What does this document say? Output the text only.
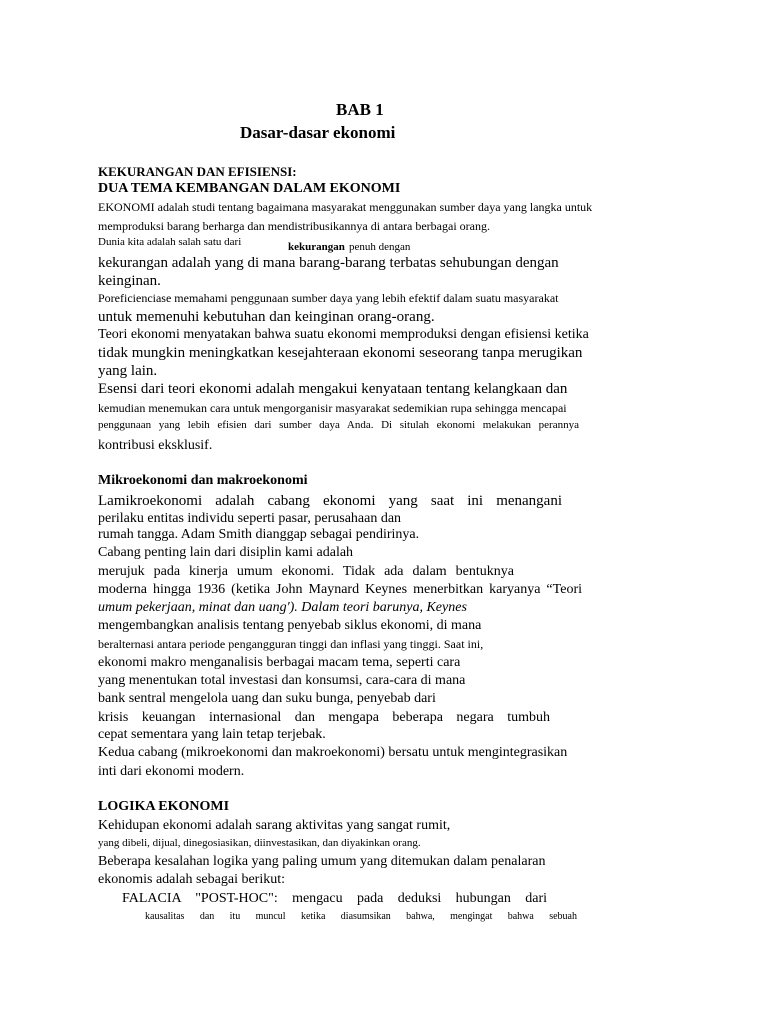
BAB 1
Dasar-dasar ekonomi
KEKURANGAN DAN EFISIENSI:
DUA TEMA KEMBANGAN DALAM EKONOMI
EKONOMI adalah studi tentang bagaimana masyarakat menggunakan sumber daya yang langka untuk
memproduksi barang berharga dan mendistribusikannya di antara berbagai orang.
Dunia kita adalah salah satu dari	kekurangan penuh dengan
kekurangan adalah yang di mana barang-barang terbatas sehubungan dengan
keinginan.
Poreficienciase memahami penggunaan sumber daya yang lebih efektif dalam suatu masyarakat
untuk memenuhi kebutuhan dan keinginan orang-orang.
Teori ekonomi menyatakan bahwa suatu ekonomi memproduksi dengan efisiensi ketika
tidak mungkin meningkatkan kesejahteraan ekonomi seseorang tanpa merugikan
yang lain.
Esensi dari teori ekonomi adalah mengakui kenyataan tentang kelangkaan dan
kemudian menemukan cara untuk mengorganisir masyarakat sedemikian rupa sehingga mencapai
penggunaan yang lebih efisien dari sumber daya Anda. Di situlah ekonomi melakukan perannya
kontribusi eksklusif.
Mikroekonomi dan makroekonomi
Lamikroekonomi adalah cabang ekonomi yang saat ini menangani
perilaku entitas individu seperti pasar, perusahaan dan
rumah tangga. Adam Smith dianggap sebagai pendirinya.
Cabang penting lain dari disiplin kami adalah
merujuk pada kinerja umum ekonomi. Tidak ada dalam bentuknya
moderna hingga 1936 (ketika John Maynard Keynes menerbitkan karyanya “Teori
umum pekerjaan, minat dan uang'). Dalam teori barunya, Keynes
mengembangkan analisis tentang penyebab siklus ekonomi, di mana
beralternasi antara periode pengangguran tinggi dan inflasi yang tinggi. Saat ini,
ekonomi makro menganalisis berbagai macam tema, seperti cara
yang menentukan total investasi dan konsumsi, cara-cara di mana
bank sentral mengelola uang dan suku bunga, penyebab dari
krisis keuangan internasional dan mengapa beberapa negara tumbuh
cepat sementara yang lain tetap terjebak.
Kedua cabang (mikroekonomi dan makroekonomi) bersatu untuk mengintegrasikan
inti dari ekonomi modern.
LOGIKA EKONOMI
Kehidupan ekonomi adalah sarang aktivitas yang sangat rumit,
yang dibeli, dijual, dinegosiasikan, diinvestasikan, dan diyakinkan orang.
Beberapa kesalahan logika yang paling umum yang ditemukan dalam penalaran
ekonomis adalah sebagai berikut:
FALACIA "POST-HOC": mengacu pada deduksi hubungan dari
kausalitas dan itu muncul ketika diasumsikan bahwa, mengingat bahwa sebuah
